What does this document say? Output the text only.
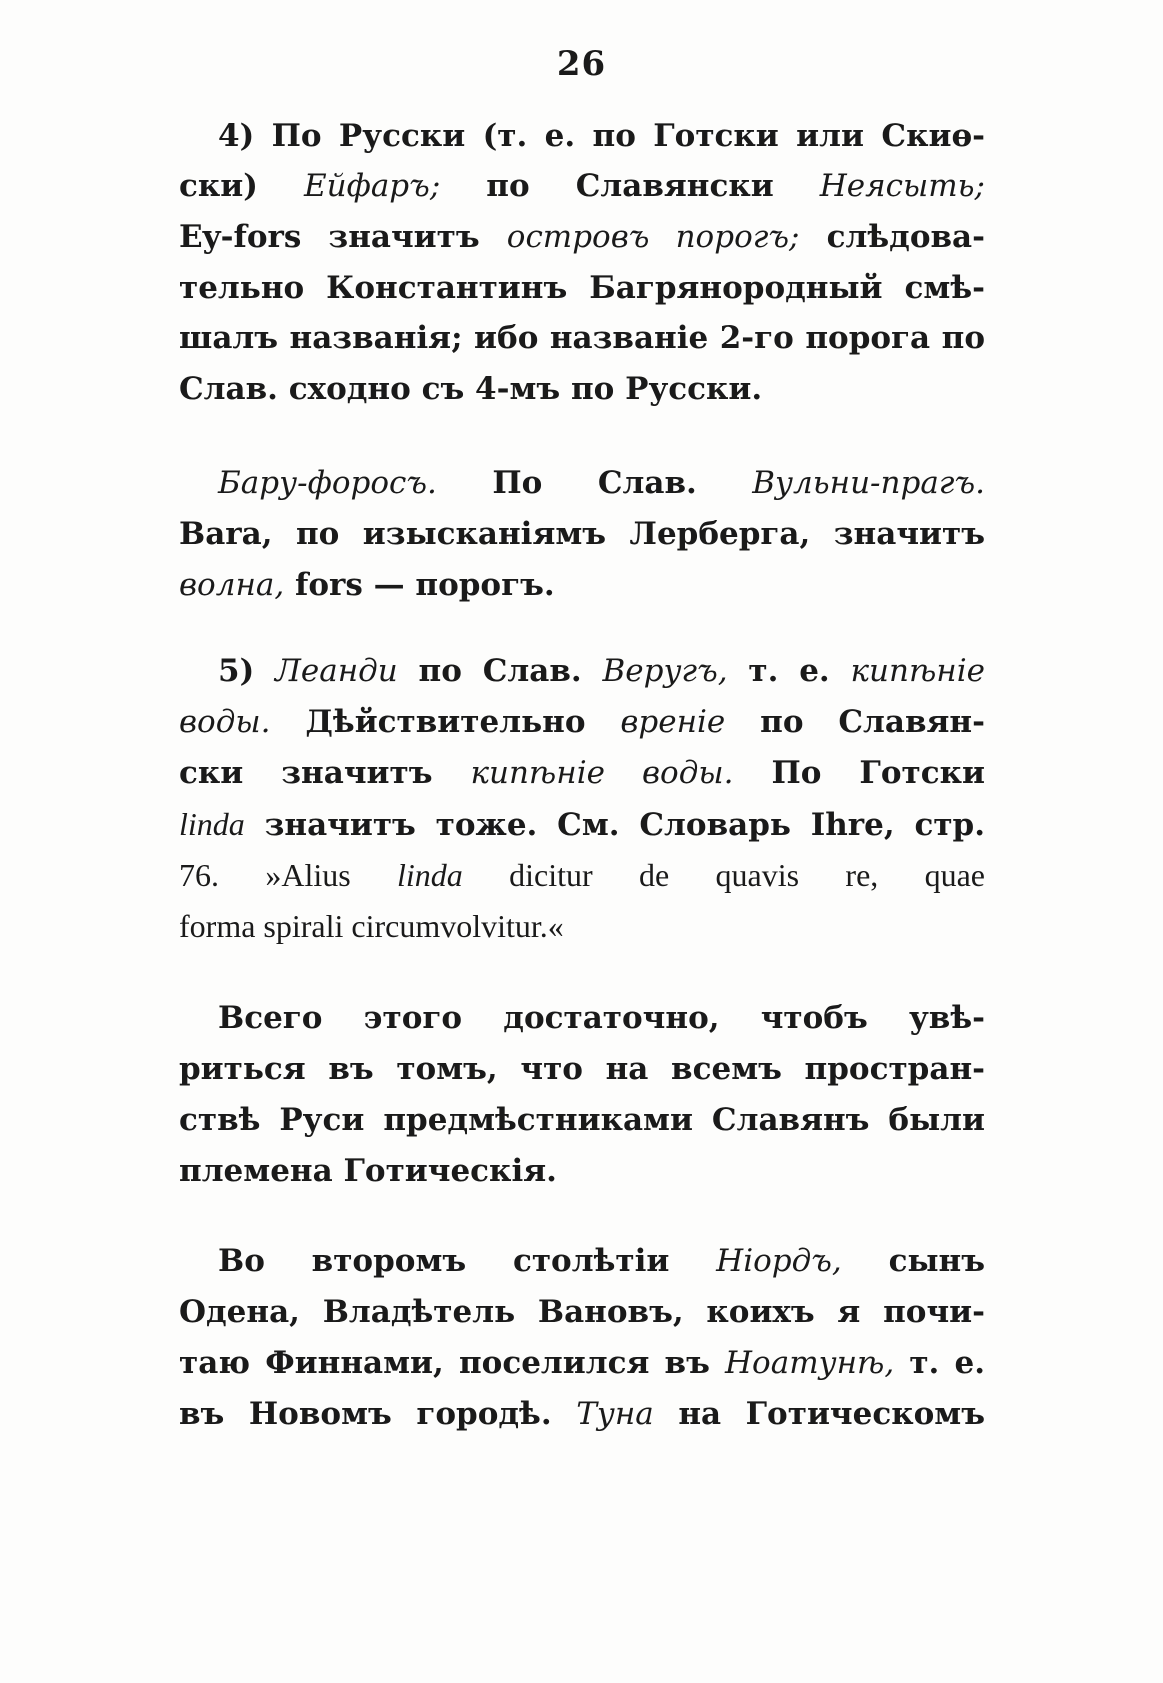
26
4) По Русски (т. е. по Готски или Скиө-
ски) Ейфаръ; по Славянски Неясыть;
Ey-fors значитъ островъ порогъ; слѣдова-
тельно Константинъ Багрянородный смѣ-
шалъ названія; ибо названіе 2-го порога по
Слав. сходно съ 4-мъ по Русски.
Бару-форосъ. По Слав. Вульни-прагъ.
Bara, по изысканіямъ Лерберга, значитъ
волна, fors — порогъ.
5) Леанди по Слав. Веругъ, т. е. кипѣніе
воды. Дѣйствительно вреніе по Славян-
ски значитъ кипѣніе воды. По Готски
linda значитъ тоже. См. Словарь Ihre, стр.
76. »Alius linda dicitur de quavis re, quae
forma spirali circumvolvitur.«
Всего этого достаточно, чтобъ увѣ-
риться въ томъ, что на всемъ простран-
ствѣ Руси предмѣстниками Славянъ были
племена Готическія.
Во второмъ столѣтіи Ніордъ, сынъ
Одена, Владѣтель Вановъ, коихъ я почи-
таю Финнами, поселился въ Ноатунѣ, т. е.
въ Новомъ городѣ. Туна на Готическомъ
